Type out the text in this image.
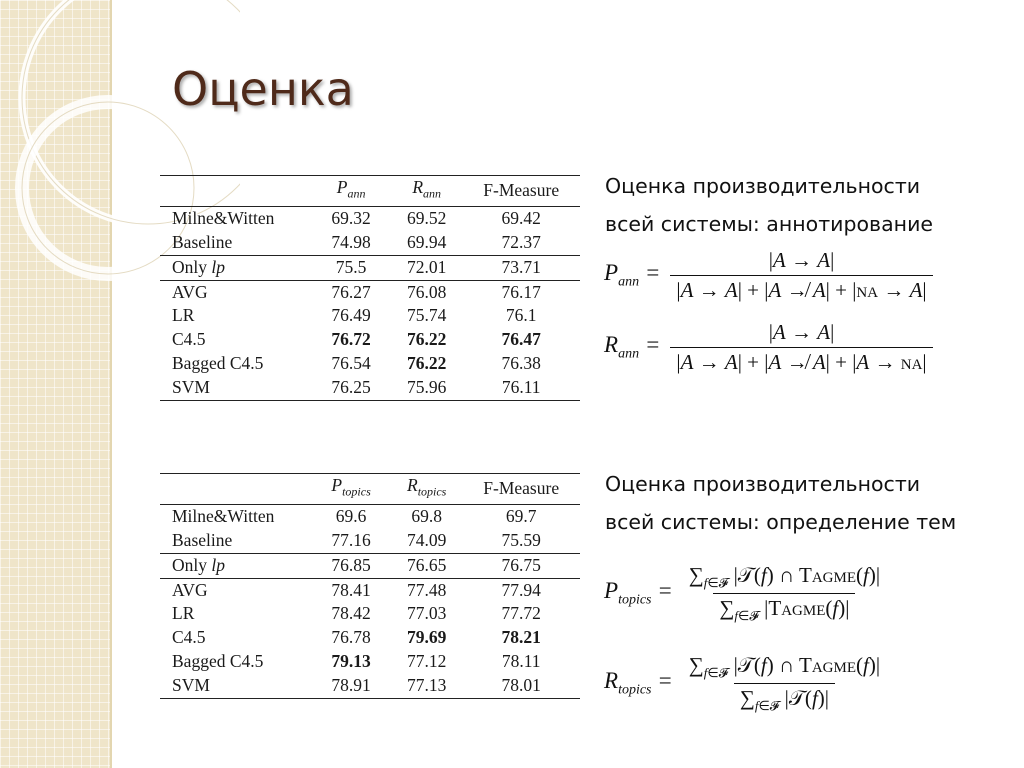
Оценка
	$P_{ann}$	$R_{ann}$	F-Measure
Milne&Witten	69.32	69.52	69.42
Baseline	74.98	69.94	72.37
Only lp	75.5	72.01	73.71
AVG	76.27	76.08	76.17
LR	76.49	75.74	76.1
C4.5	76.72	76.22	76.47
Bagged C4.5	76.54	76.22	76.38
SVM	76.25	75.96	76.11
	$P_{topics}$	$R_{topics}$	F-Measure
Milne&Witten	69.6	69.8	69.7
Baseline	77.16	74.09	75.59
Only lp	76.85	76.65	76.75
AVG	78.41	77.48	77.94
LR	78.42	77.03	77.72
C4.5	76.78	79.69	78.21
Bagged C4.5	79.13	77.12	78.11
SVM	78.91	77.13	78.01
Оценка производительности
всей системы: аннотирование
$P_{ann} = \frac{|A \to A|}{|A \to A| + |A ↛ A| + |na \to A|}$
$R_{ann} = \frac{|A \to A|}{|A \to A| + |A ↛ A| + |A \to na|}$
Оценка производительности
всей системы: определение тем
$P_{topics} = \frac{\sum_{f\in 𝓕} |𝒯(f) \cap Tagme(f)|}{\sum_{f\in 𝓕} |Tagme(f)|}$
$R_{topics} = \frac{\sum_{f\in 𝓕} |𝒯(f) \cap Tagme(f)|}{\sum_{f\in 𝓕} |𝒯(f)|}$
